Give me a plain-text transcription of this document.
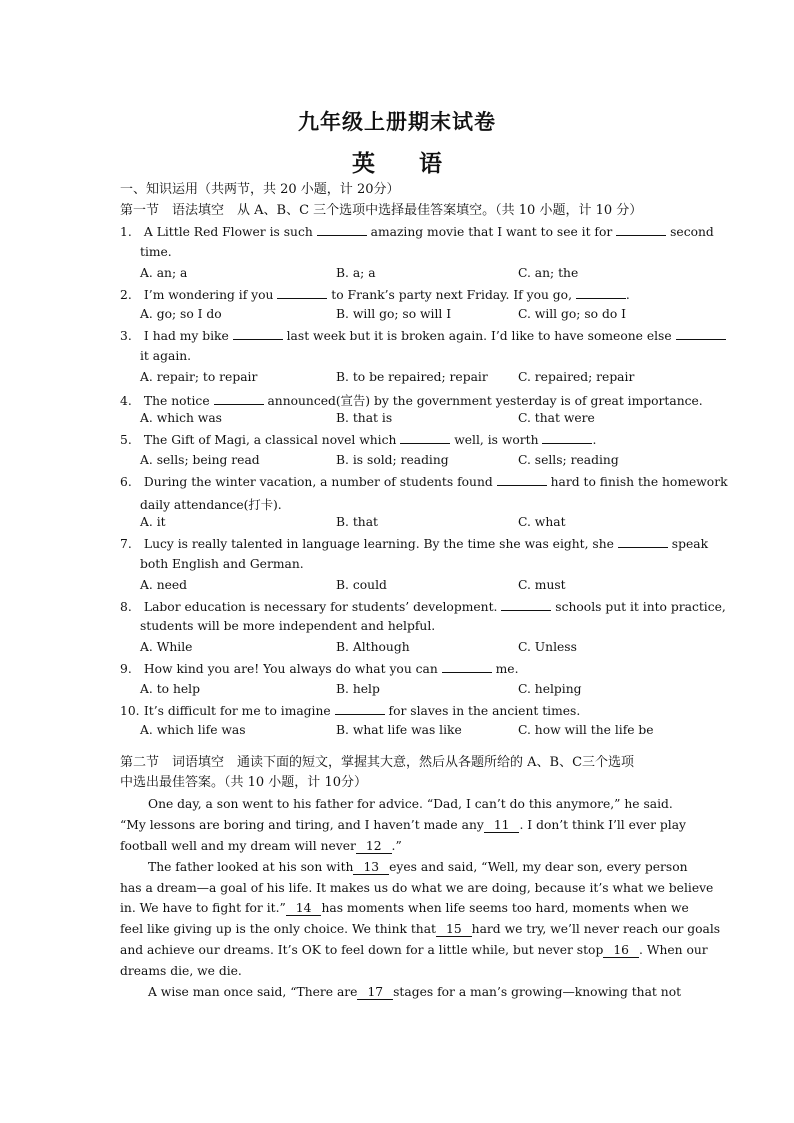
九年级上册期末试卷
英语
一、知识运用（共两节，共 20 小题，计 20分）
第一节　语法填空　从 A、B、C 三个选项中选择最佳答案填空。（共 10 小题，计 10 分）
1. A Little Red Flower is such	amazing movie that I want to see it for	second
time.
A. an; a	B. a; a	C. an; the
2. I’m wondering if you	to Frank’s party next Friday. If you go,	.
A. go; so I do	B. will go; so will I	C. will go; so do I
3. I had my bike	last week but it is broken again. I’d like to have someone else
it again.
A. repair; to repair	B. to be repaired; repair C. repaired; repair
4. The notice	announced(宣告) by the government yesterday is of great importance.
A. which was	B. that is	C. that were
5. The Gift of Magi, a classical novel which	well, is worth	.
A. sells; being read	B. is sold; reading	C. sells; reading
6. During the winter vacation, a number of students found	hard to finish the homework
daily attendance(打卡).
A. it	B. that	C. what
7. Lucy is really talented in language learning. By the time she was eight, she	speak
both English and German.
A. need	B. could	C. must
8. Labor education is necessary for students’ development.	schools put it into practice,
students will be more independent and helpful.
A. While	B. Although	C. Unless
9. How kind you are! You always do what you can	me.
A. to help	B. help	C. helping
10. It’s difficult for me to imagine	for slaves in the ancient times.
A. which life was	B. what life was like	C. how will the life be
第二节　词语填空　通读下面的短文，掌握其大意，然后从各题所给的 A、B、C三个选项
中选出最佳答案。（共 10 小题，计 10分）
One day, a son went to his father for advice. “Dad, I can’t do this anymore,” he said.
“My lessons are boring and tiring, and I haven’t made any 11 . I don’t think I’ll ever play
football well and my dream will never 12 .”
The father looked at his son with 13 eyes and said, “Well, my dear son, every person
has a dream—a goal of his life. It makes us do what we are doing, because it’s what we believe
in. We have to fight for it.” 14 has moments when life seems too hard, moments when we
feel like giving up is the only choice. We think that 15 hard we try, we’ll never reach our goals
and achieve our dreams. It’s OK to feel down for a little while, but never stop 16 . When our
dreams die, we die.
A wise man once said, “There are 17 stages for a man’s growing—knowing that not
